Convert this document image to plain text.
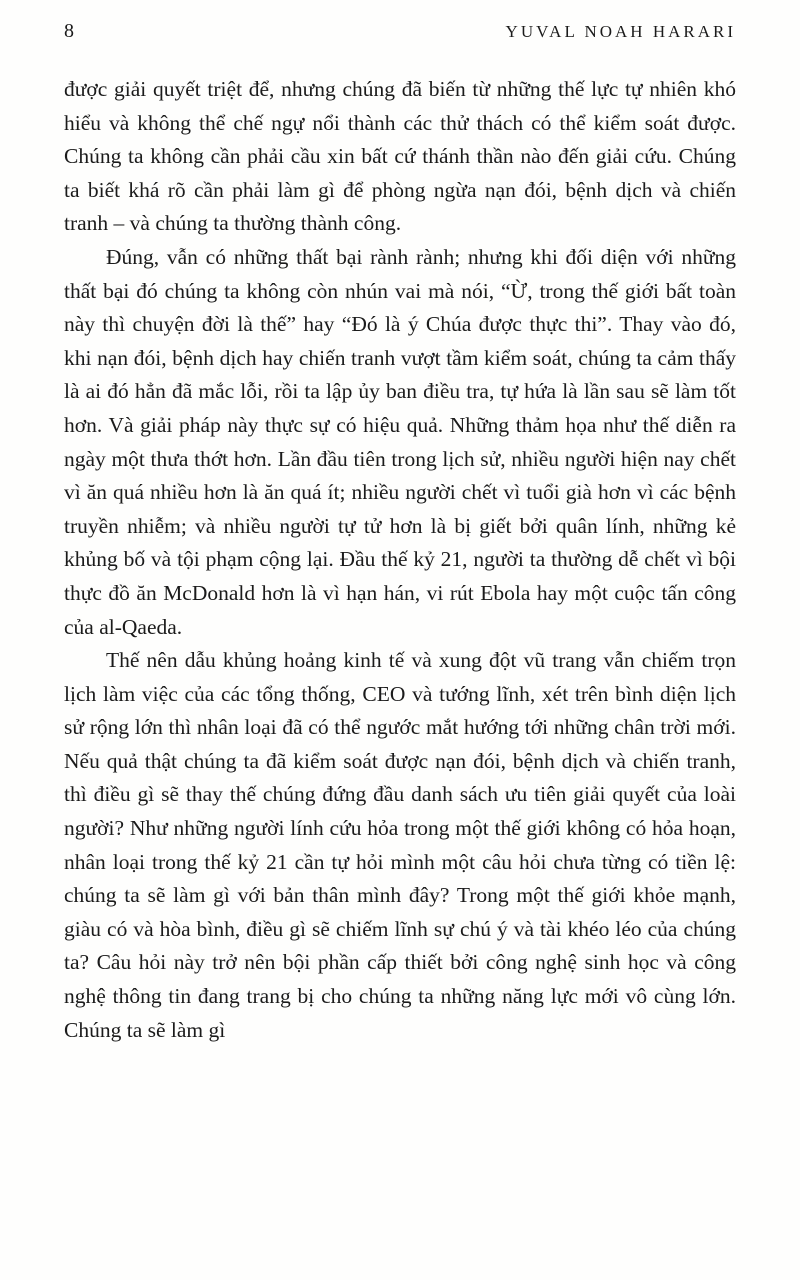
8	YUVAL NOAH HARARI

được giải quyết triệt để, nhưng chúng đã biến từ những thế lực tự nhiên khó hiểu và không thể chế ngự nổi thành các thử thách có thể kiểm soát được. Chúng ta không cần phải cầu xin bất cứ thánh thần nào đến giải cứu. Chúng ta biết khá rõ cần phải làm gì để phòng ngừa nạn đói, bệnh dịch và chiến tranh – và chúng ta thường thành công.

Đúng, vẫn có những thất bại rành rành; nhưng khi đối diện với những thất bại đó chúng ta không còn nhún vai mà nói, “Ừ, trong thế giới bất toàn này thì chuyện đời là thế” hay “Đó là ý Chúa được thực thi”. Thay vào đó, khi nạn đói, bệnh dịch hay chiến tranh vượt tầm kiểm soát, chúng ta cảm thấy là ai đó hẳn đã mắc lỗi, rồi ta lập ủy ban điều tra, tự hứa là lần sau sẽ làm tốt hơn. Và giải pháp này thực sự có hiệu quả. Những thảm họa như thế diễn ra ngày một thưa thớt hơn. Lần đầu tiên trong lịch sử, nhiều người hiện nay chết vì ăn quá nhiều hơn là ăn quá ít; nhiều người chết vì tuổi già hơn vì các bệnh truyền nhiễm; và nhiều người tự tử hơn là bị giết bởi quân lính, những kẻ khủng bố và tội phạm cộng lại. Đầu thế kỷ 21, người ta thường dễ chết vì bội thực đồ ăn McDonald hơn là vì hạn hán, vi rút Ebola hay một cuộc tấn công của al-Qaeda.

Thế nên dẫu khủng hoảng kinh tế và xung đột vũ trang vẫn chiếm trọn lịch làm việc của các tổng thống, CEO và tướng lĩnh, xét trên bình diện lịch sử rộng lớn thì nhân loại đã có thể ngước mắt hướng tới những chân trời mới. Nếu quả thật chúng ta đã kiểm soát được nạn đói, bệnh dịch và chiến tranh, thì điều gì sẽ thay thế chúng đứng đầu danh sách ưu tiên giải quyết của loài người? Như những người lính cứu hỏa trong một thế giới không có hỏa hoạn, nhân loại trong thế kỷ 21 cần tự hỏi mình một câu hỏi chưa từng có tiền lệ: chúng ta sẽ làm gì với bản thân mình đây? Trong một thế giới khỏe mạnh, giàu có và hòa bình, điều gì sẽ chiếm lĩnh sự chú ý và tài khéo léo của chúng ta? Câu hỏi này trở nên bội phần cấp thiết bởi công nghệ sinh học và công nghệ thông tin đang trang bị cho chúng ta những năng lực mới vô cùng lớn. Chúng ta sẽ làm gì
